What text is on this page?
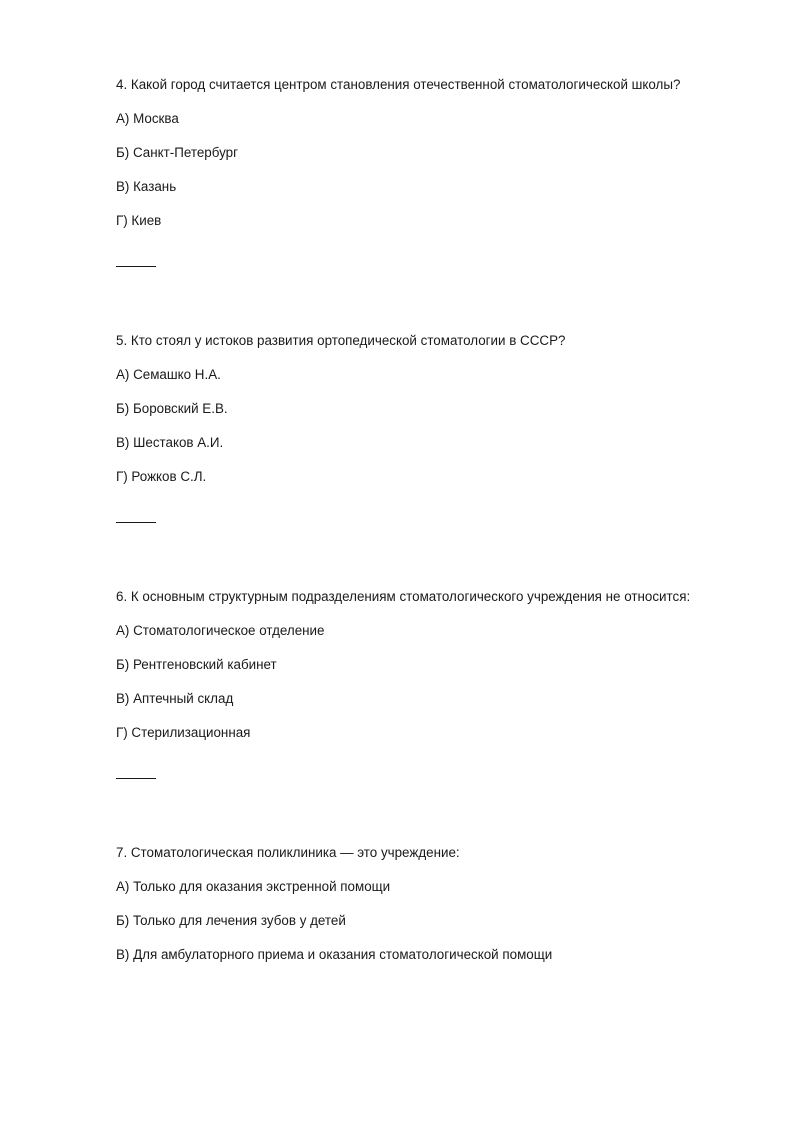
4. Какой город считается центром становления отечественной стоматологической школы?

А) Москва

Б) Санкт-Петербург

В) Казань

Г) Киев

5. Кто стоял у истоков развития ортопедической стоматологии в СССР?

А) Семашко Н.А.

Б) Боровский Е.В.

В) Шестаков А.И.

Г) Рожков С.Л.

6. К основным структурным подразделениям стоматологического учреждения не относится:

А) Стоматологическое отделение

Б) Рентгеновский кабинет

В) Аптечный склад

Г) Стерилизационная

7. Стоматологическая поликлиника — это учреждение:

А) Только для оказания экстренной помощи

Б) Только для лечения зубов у детей

В) Для амбулаторного приема и оказания стоматологической помощи
